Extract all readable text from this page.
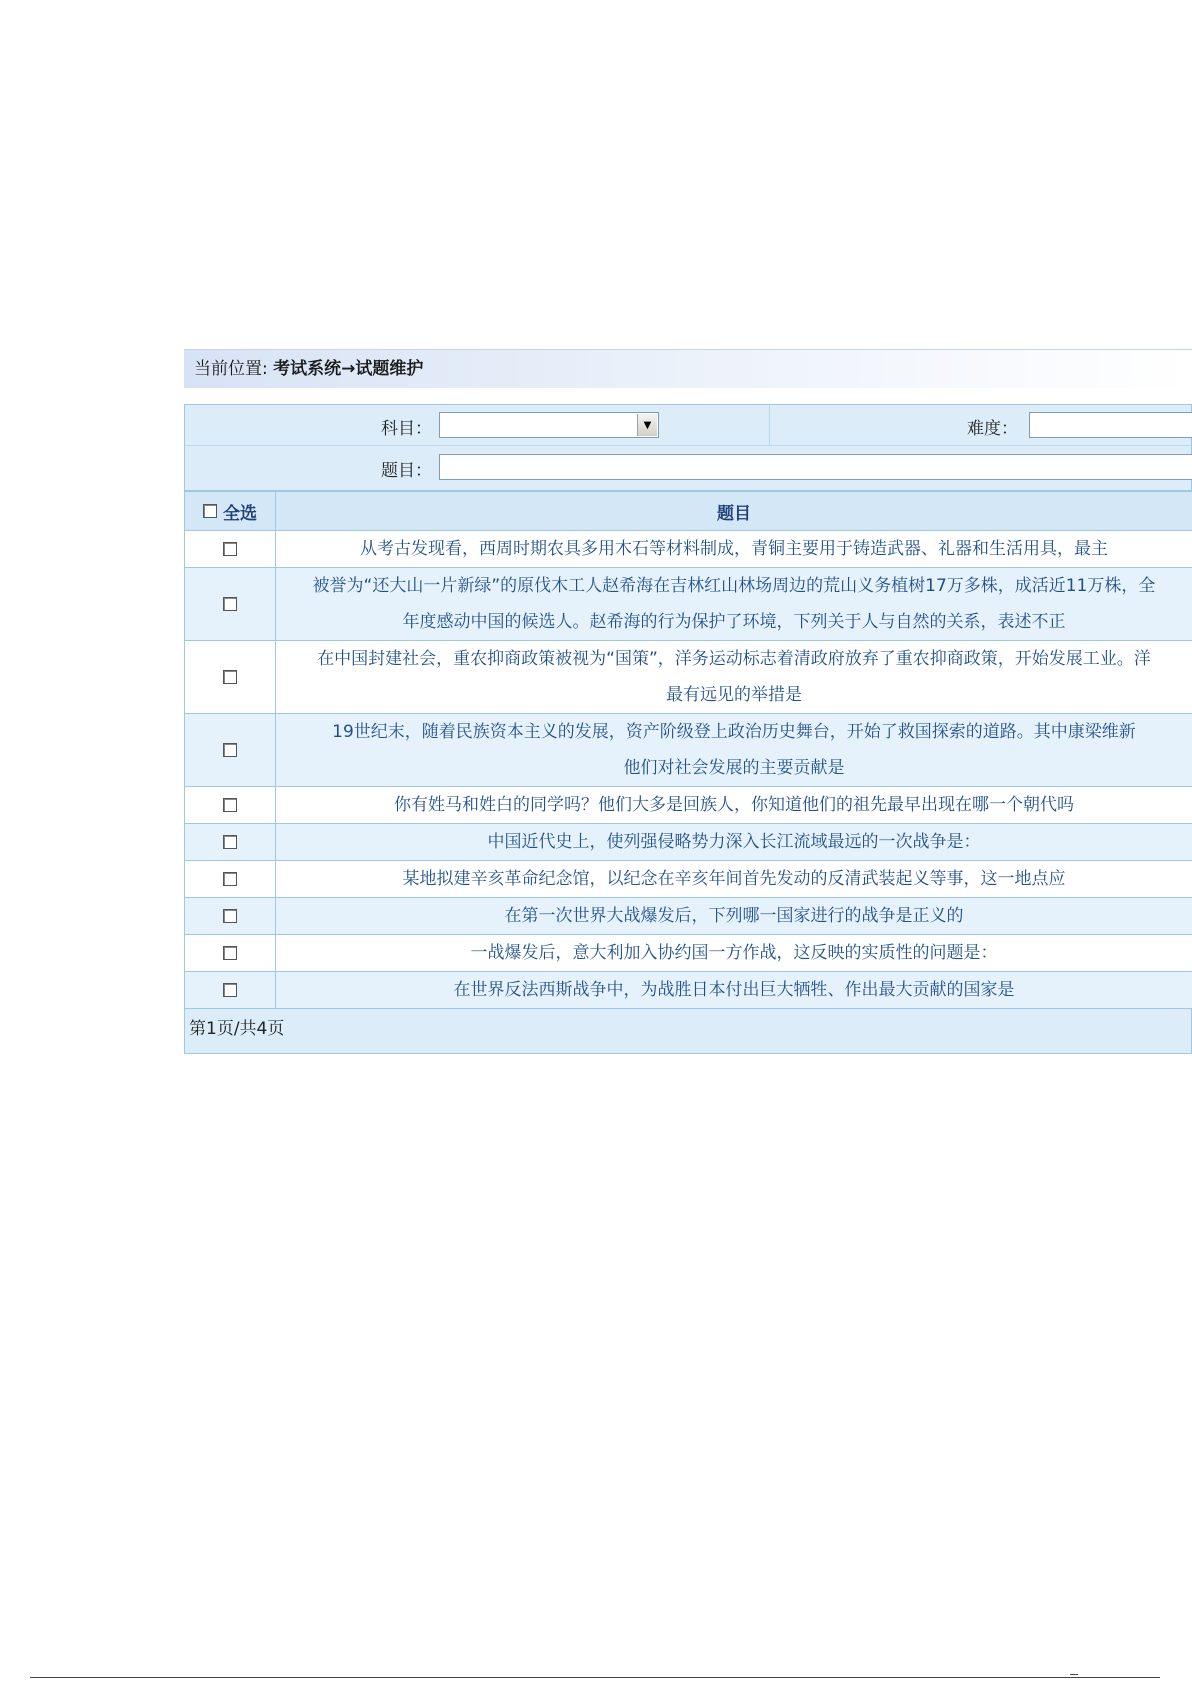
当前位置: 考试系统→试题维护
科目：	▼	难度：
题目：
全选	题目

	从考古发现看，西周时期农具多用木石等材料制成，青铜主要用于铸造武器、礼器和生活用具，最主

	被誉为“还大山一片新绿”的原伐木工人赵希海在吉林红山林场周边的荒山义务植树17万多株，成活近11万株，全
年度感动中国的候选人。赵希海的行为保护了环境，下列关于人与自然的关系，表述不正

	在中国封建社会，重农抑商政策被视为“国策”，洋务运动标志着清政府放弃了重农抑商政策，开始发展工业。洋
最有远见的举措是

	19世纪末，随着民族资本主义的发展，资产阶级登上政治历史舞台，开始了救国探索的道路。其中康梁维新
他们对社会发展的主要贡献是

	你有姓马和姓白的同学吗？他们大多是回族人，你知道他们的祖先最早出现在哪一个朝代吗

	中国近代史上，使列强侵略势力深入长江流域最远的一次战争是：

	某地拟建辛亥革命纪念馆，以纪念在辛亥年间首先发动的反清武装起义等事，这一地点应

	在第一次世界大战爆发后，下列哪一国家进行的战争是正义的

	一战爆发后，意大利加入协约国一方作战，这反映的实质性的问题是：

	在世界反法西斯战争中，为战胜日本付出巨大牺牲、作出最大贡献的国家是
第1页/共4页
